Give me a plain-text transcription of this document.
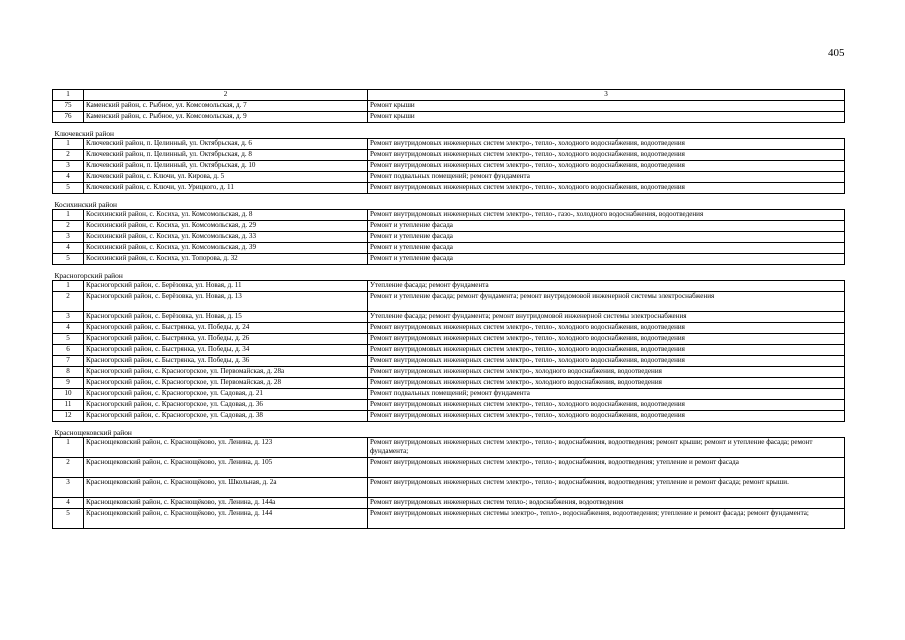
405
1	2	3
75	Каменский район, с. Рыбное, ул. Комсомольская, д. 7	Ремонт крыши
76	Каменский район, с. Рыбное, ул. Комсомольская, д. 9	Ремонт крыши

Ключевский район		

1	Ключевский район, п. Целинный, ул. Октябрьская, д. 6	Ремонт внутридомовых инженерных систем электро-, тепло-, холодного водоснабжения, водоотведения
2	Ключевский район, п. Целинный, ул. Октябрьская, д. 8	Ремонт внутридомовых инженерных систем электро-, тепло-, холодного водоснабжения, водоотведения
3	Ключевский район, п. Целинный, ул. Октябрьская, д. 10	Ремонт внутридомовых инженерных систем электро-, тепло-, холодного водоснабжения, водоотведения
4	Ключевский район, с. Ключи, ул. Кирова, д. 5	Ремонт подвальных помещений; ремонт фундамента
5	Ключевский район, с. Ключи, ул. Урицкого, д. 11	Ремонт внутридомовых инженерных систем электро-, тепло-, холодного водоснабжения, водоотведения

Косихинский район		

1	Косихинский район, с. Косиха, ул. Комсомольская, д. 8	Ремонт внутридомовых инженерных систем электро-, тепло-, газо-, холодного водоснабжения, водоотведения
2	Косихинский район, с. Косиха, ул. Комсомольская, д. 29	Ремонт и утепление фасада
3	Косихинский район, с. Косиха, ул. Комсомольская, д. 33	Ремонт и утепление фасада
4	Косихинский район, с. Косиха, ул. Комсомольская, д. 39	Ремонт и утепление фасада
5	Косихинский район, с. Косиха, ул. Топорова, д. 32	Ремонт и утепление фасада

Красногорский район		

1	Красногорский район, с. Берёзовка, ул. Новая, д. 11	Утепление фасада; ремонт фундамента
2	Красногорский район, с. Берёзовка, ул. Новая, д. 13	Ремонт и утепление фасада; ремонт фундамента; ремонт внутридомовой инженерной системы электроснабжения
3	Красногорский район, с. Берёзовка, ул. Новая, д. 15	Утепление фасада; ремонт фундамента; ремонт внутридомовой инженерной системы электроснабжения
4	Красногорский район, с. Быстрянка, ул. Победы, д. 24	Ремонт внутридомовых инженерных систем электро-, тепло-, холодного водоснабжения, водоотведения
5	Красногорский район, с. Быстрянка, ул. Победы, д. 26	Ремонт внутридомовых инженерных систем электро-, тепло-, холодного водоснабжения, водоотведения
6	Красногорский район, с. Быстрянка, ул. Победы, д. 34	Ремонт внутридомовых инженерных систем электро-, тепло-, холодного водоснабжения, водоотведения
7	Красногорский район, с. Быстрянка, ул. Победы, д. 36	Ремонт внутридомовых инженерных систем электро-, тепло-, холодного водоснабжения, водоотведения
8	Красногорский район, с. Красногорское, ул. Первомайская, д. 28а	Ремонт внутридомовых инженерных систем электро-, холодного водоснабжения, водоотведения
9	Красногорский район, с. Красногорское, ул. Первомайская, д. 28	Ремонт внутридомовых инженерных систем электро-, холодного водоснабжения, водоотведения
10	Красногорский район, с. Красногорское, ул. Садовая, д. 21	Ремонт подвальных помещений; ремонт фундамента
11	Красногорский район, с. Красногорское, ул. Садовая, д. 36	Ремонт внутридомовых инженерных систем электро-, тепло-, холодного водоснабжения, водоотведения
12	Красногорский район, с. Красногорское, ул. Садовая, д. 38	Ремонт внутридомовых инженерных систем электро-, тепло-, холодного водоснабжения, водоотведения

Краснощековский район		

1	Краснощековский район, с. Краснощёково, ул. Ленина, д. 123	Ремонт внутридомовых инженерных систем электро-, тепло-; водоснабжения, водоотведения; ремонт крыши; ремонт и утепление фасада; ремонт фундамента;
2	Краснощековский район, с. Краснощёково, ул. Ленина, д. 105	Ремонт внутридомовых инженерных систем электро-, тепло-; водоснабжения, водоотведения; утепление и ремонт фасада
3	Краснощековский район, с. Краснощёково, ул. Школьная, д. 2а	Ремонт внутридомовых инженерных систем электро-, тепло-; водоснабжения, водоотведения; утепление и ремонт фасада; ремонт крыши.
4	Краснощековский район, с. Краснощёково, ул. Ленина, д. 144а	Ремонт внутридомовых инженерных систем тепло-; водоснабжения, водоотведения
5	Краснощековский район, с. Краснощёково, ул. Ленина, д. 144	Ремонт внутридомовых инженерных системы электро-, тепло-, водоснабжения, водоотведения; утепление и ремонт фасада; ремонт фундамента;
